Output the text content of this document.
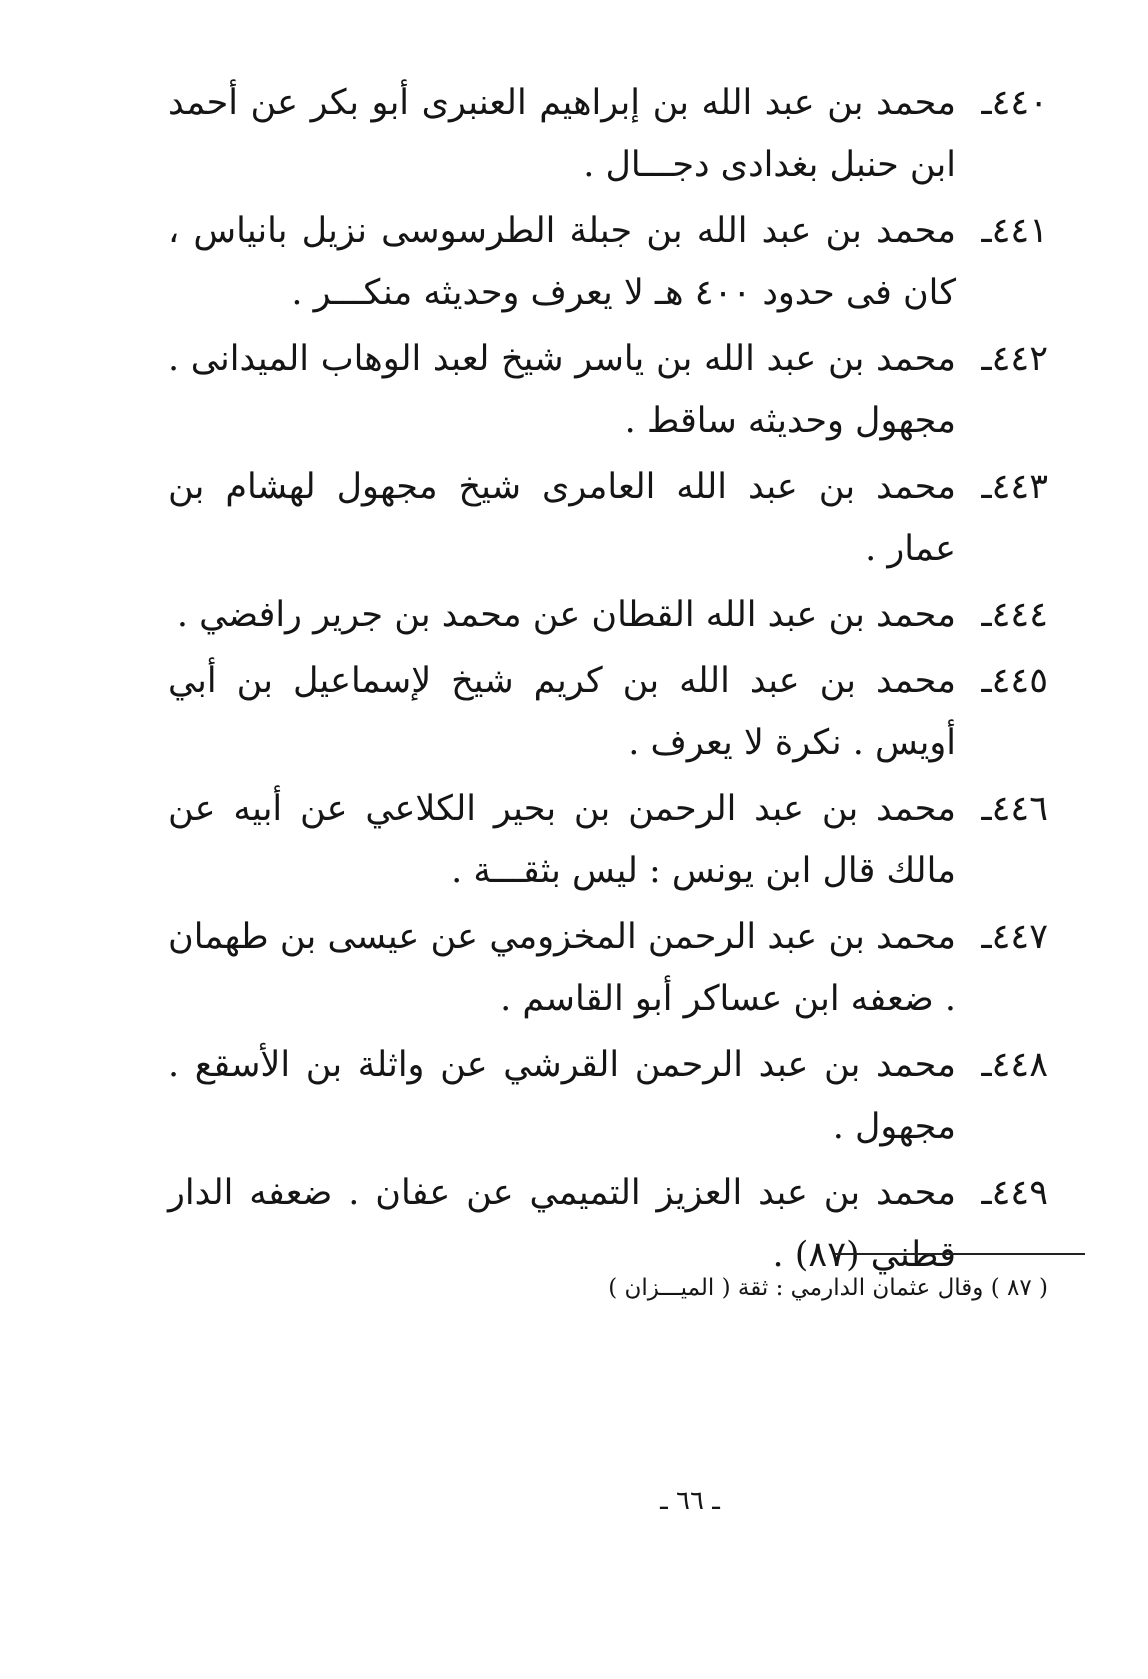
٤٤٠ـ
محمد بن عبد الله بن إبراهيم العنبرى أبو بكر عن أحمد ابن حنبل بغدادى دجـــال .
٤٤١ـ
محمد بن عبد الله بن جبلة الطرسوسى نزيل بانياس ، كان فى حدود ٤٠٠ هـ لا يعرف وحديثه منكـــر .
٤٤٢ـ
محمد بن عبد الله بن ياسر شيخ لعبد الوهاب الميدانى . مجهول وحديثه ساقط .
٤٤٣ـ
محمد بن عبد الله العامرى شيخ مجهول لهشام بن عمار .
٤٤٤ـ
محمد بن عبد الله القطان عن محمد بن جرير رافضي .
٤٤٥ـ
محمد بن عبد الله بن كريم شيخ لإسماعيل بن أبي أويس . نكرة لا يعرف .
٤٤٦ـ
محمد بن عبد الرحمن بن بحير الكلاعي عن أبيه عن مالك قال ابن يونس : ليس بثقـــة .
٤٤٧ـ
محمد بن عبد الرحمن المخزومي عن عيسى بن طهمان . ضعفه ابن عساكر أبو القاسم .
٤٤٨ـ
محمد بن عبد الرحمن القرشي عن واثلة بن الأسقع . مجهول .
٤٤٩ـ
محمد بن عبد العزيز التميمي عن عفان . ضعفه الدار قطني (٨٧) .
( ٨٧ ) وقال عثمان الدارمي : ثقة ( الميـــزان )
ـ ٦٦ ـ
